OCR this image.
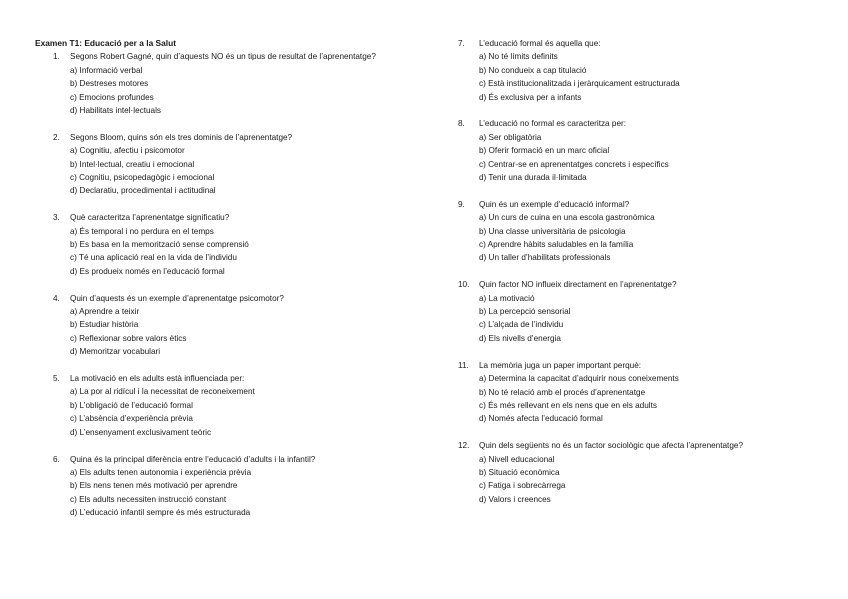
Examen T1: Educació per a la Salut
1. Segons Robert Gagné, quin d’aquests NO és un tipus de resultat de l’aprenentatge?
a) Informació verbal
b) Destreses motores
c) Emocions profundes
d) Habilitats intel·lectuals
2. Segons Bloom, quins són els tres dominis de l’aprenentatge?
a) Cognitiu, afectiu i psicomotor
b) Intel·lectual, creatiu i emocional
c) Cognitiu, psicopedagògic i emocional
d) Declaratiu, procedimental i actitudinal
3. Què caracteritza l’aprenentatge significatiu?
a) És temporal i no perdura en el temps
b) Es basa en la memorització sense comprensió
c) Té una aplicació real en la vida de l’individu
d) Es produeix només en l’educació formal
4. Quin d’aquests és un exemple d’aprenentatge psicomotor?
a) Aprendre a teixir
b) Estudiar història
c) Reflexionar sobre valors ètics
d) Memoritzar vocabulari
5. La motivació en els adults està influenciada per:
a) La por al ridícul i la necessitat de reconeixement
b) L’obligació de l’educació formal
c) L’absència d’experiència prèvia
d) L’ensenyament exclusivament teòric
6. Quina és la principal diferència entre l’educació d’adults i la infantil?
a) Els adults tenen autonomia i experiència prèvia
b) Els nens tenen més motivació per aprendre
c) Els adults necessiten instrucció constant
d) L’educació infantil sempre és més estructurada
7. L’educació formal és aquella que:
a) No té límits definits
b) No condueix a cap titulació
c) Està institucionalitzada i jeràrquicament estructurada
d) És exclusiva per a infants
8. L’educació no formal es caracteritza per:
a) Ser obligatòria
b) Oferir formació en un marc oficial
c) Centrar-se en aprenentatges concrets i específics
d) Tenir una durada il·limitada
9. Quin és un exemple d’educació informal?
a) Un curs de cuina en una escola gastronòmica
b) Una classe universitària de psicologia
c) Aprendre hàbits saludables en la família
d) Un taller d’habilitats professionals
10. Quin factor NO influeix directament en l’aprenentatge?
a) La motivació
b) La percepció sensorial
c) L’alçada de l’individu
d) Els nivells d’energia
11. La memòria juga un paper important perquè:
a) Determina la capacitat d’adquirir nous coneixements
b) No té relació amb el procés d’aprenentatge
c) És més rellevant en els nens que en els adults
d) Només afecta l’educació formal
12. Quin dels següents no és un factor sociològic que afecta l’aprenentatge?
a) Nivell educacional
b) Situació econòmica
c) Fatiga i sobrecàrrega
d) Valors i creences
